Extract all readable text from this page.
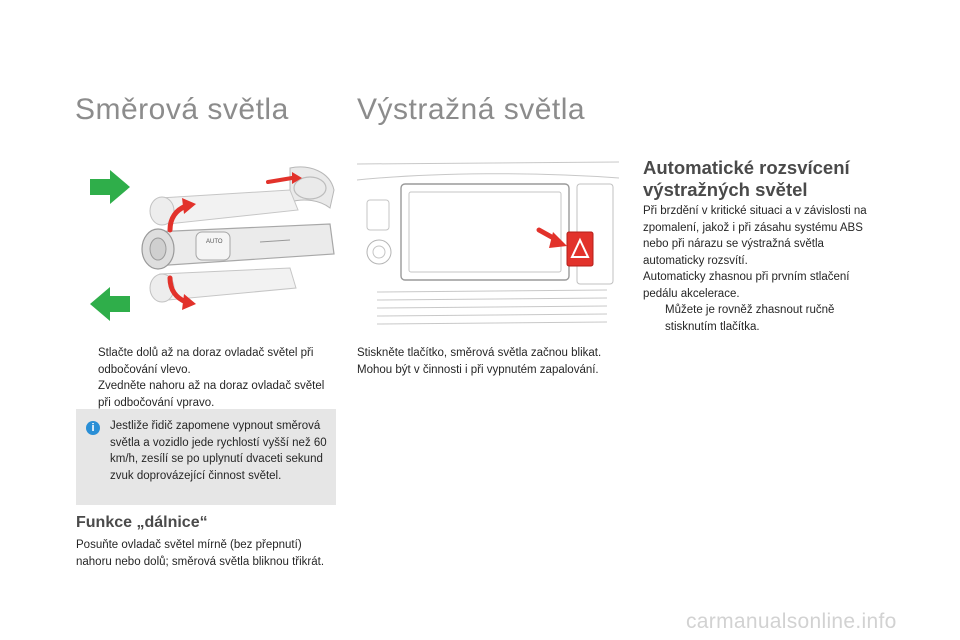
Směrová světla Výstražná světla
AUTO
Stlačte dolů až na doraz ovladač světel při odbočování vlevo.
Zvedněte nahoru až na doraz ovladač světel při odbočování vpravo.
i	Jestliže řidič zapomene vypnout směrová světla a vozidlo jede rychlostí vyšší než 60 km/h, zesílí se po uplynutí dvaceti sekund zvuk doprovázející činnost světel.
Funkce „dálnice“
Posuňte ovladač světel mírně (bez přepnutí) nahoru nebo dolů; směrová světla bliknou třikrát.

Stiskněte tlačítko, směrová světla začnou blikat.

Mohou být v činnosti i při vypnutém zapalování.

Automatické rozsvícení výstražných světel

Při brzdění v kritické situaci a v závislosti na zpomalení, jakož i při zásahu systému ABS nebo při nárazu se výstražná světla automaticky rozsvítí.

Automaticky zhasnou při prvním stlačení pedálu akcelerace.

Můžete je rovněž zhasnout ručně stisknutím tlačítka.
carmanualsonline.info
